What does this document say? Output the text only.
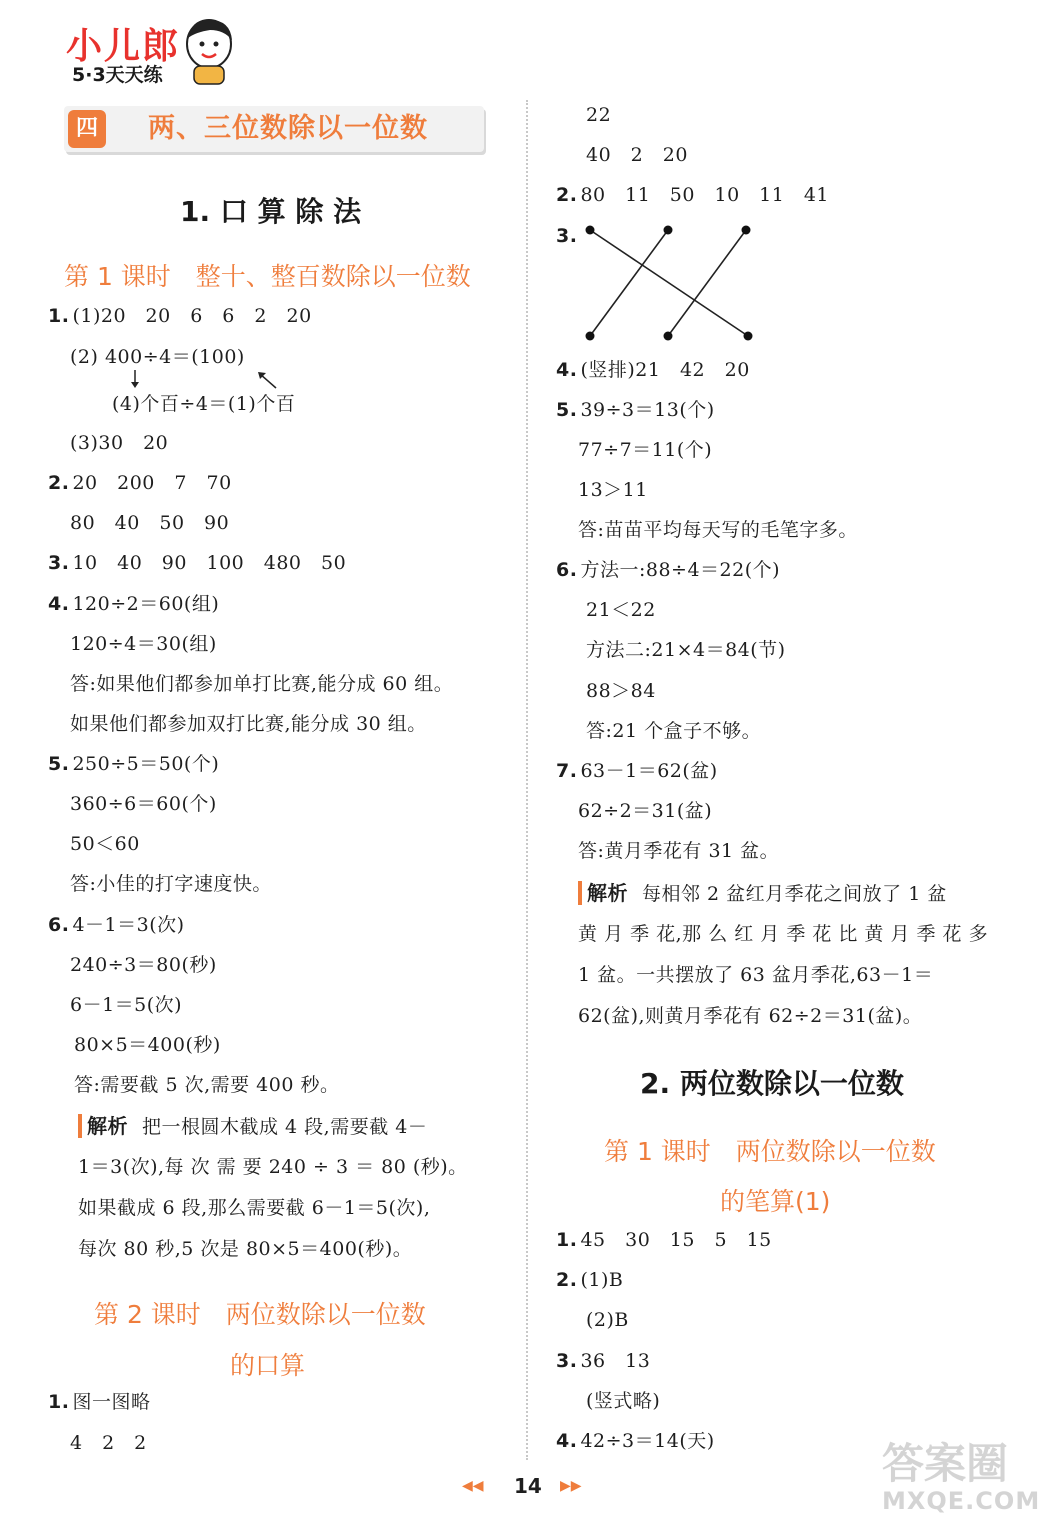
小儿郎
5·3天天练
四 两、三位数除以一位数
1. 口 算 除 法
第 1 课时　整十、整百数除以一位数
1. (1)20　20　6　6　2　20
(2) 400÷4＝(100)
(4)个百÷4＝(1)个百
(3)30　20
2. 20　200　7　70
80　40　50　90
3. 10　40　90　100　480　50
4. 120÷2＝60(组)
120÷4＝30(组)
答:如果他们都参加单打比赛,能分成 60 组。
如果他们都参加双打比赛,能分成 30 组。
5. 250÷5＝50(个)
360÷6＝60(个)
50＜60
答:小佳的打字速度快。
6. 4－1＝3(次)
240÷3＝80(秒)
6－1＝5(次)
80×5＝400(秒)
答:需要截 5 次,需要 400 秒。
解析 把一根圆木截成 4 段,需要截 4－
1＝3(次),每 次 需 要 240 ÷ 3 ＝ 80 (秒)。
如果截成 6 段,那么需要截 6－1＝5(次),
每次 80 秒,5 次是 80×5＝400(秒)。
第 2 课时　两位数除以一位数
的口算
1. 图一图略
4　2　2
22
40　2　20
2. 80　11　50　10　11　41
3.
4. (竖排)21　42　20
5. 39÷3＝13(个)
77÷7＝11(个)
13＞11
答:苗苗平均每天写的毛笔字多。
6. 方法一:88÷4＝22(个)
21＜22
方法二:21×4＝84(节)
88＞84
答:21 个盒子不够。
7. 63－1＝62(盆)
62÷2＝31(盆)
答:黄月季花有 31 盆。
解析 每相邻 2 盆红月季花之间放了 1 盆
黄 月 季 花,那 么 红 月 季 花 比 黄 月 季 花 多
1 盆。一共摆放了 63 盆月季花,63－1＝
62(盆),则黄月季花有 62÷2＝31(盆)。
2. 两位数除以一位数
第 1 课时　两位数除以一位数
的笔算(1)
1. 45　30　15　5　15
2. (1)B
(2)B
3. 36　13
(竖式略)
4. 42÷3＝14(天)
◀◀ 14 ▶▶	答案圈
MXQE.COM
